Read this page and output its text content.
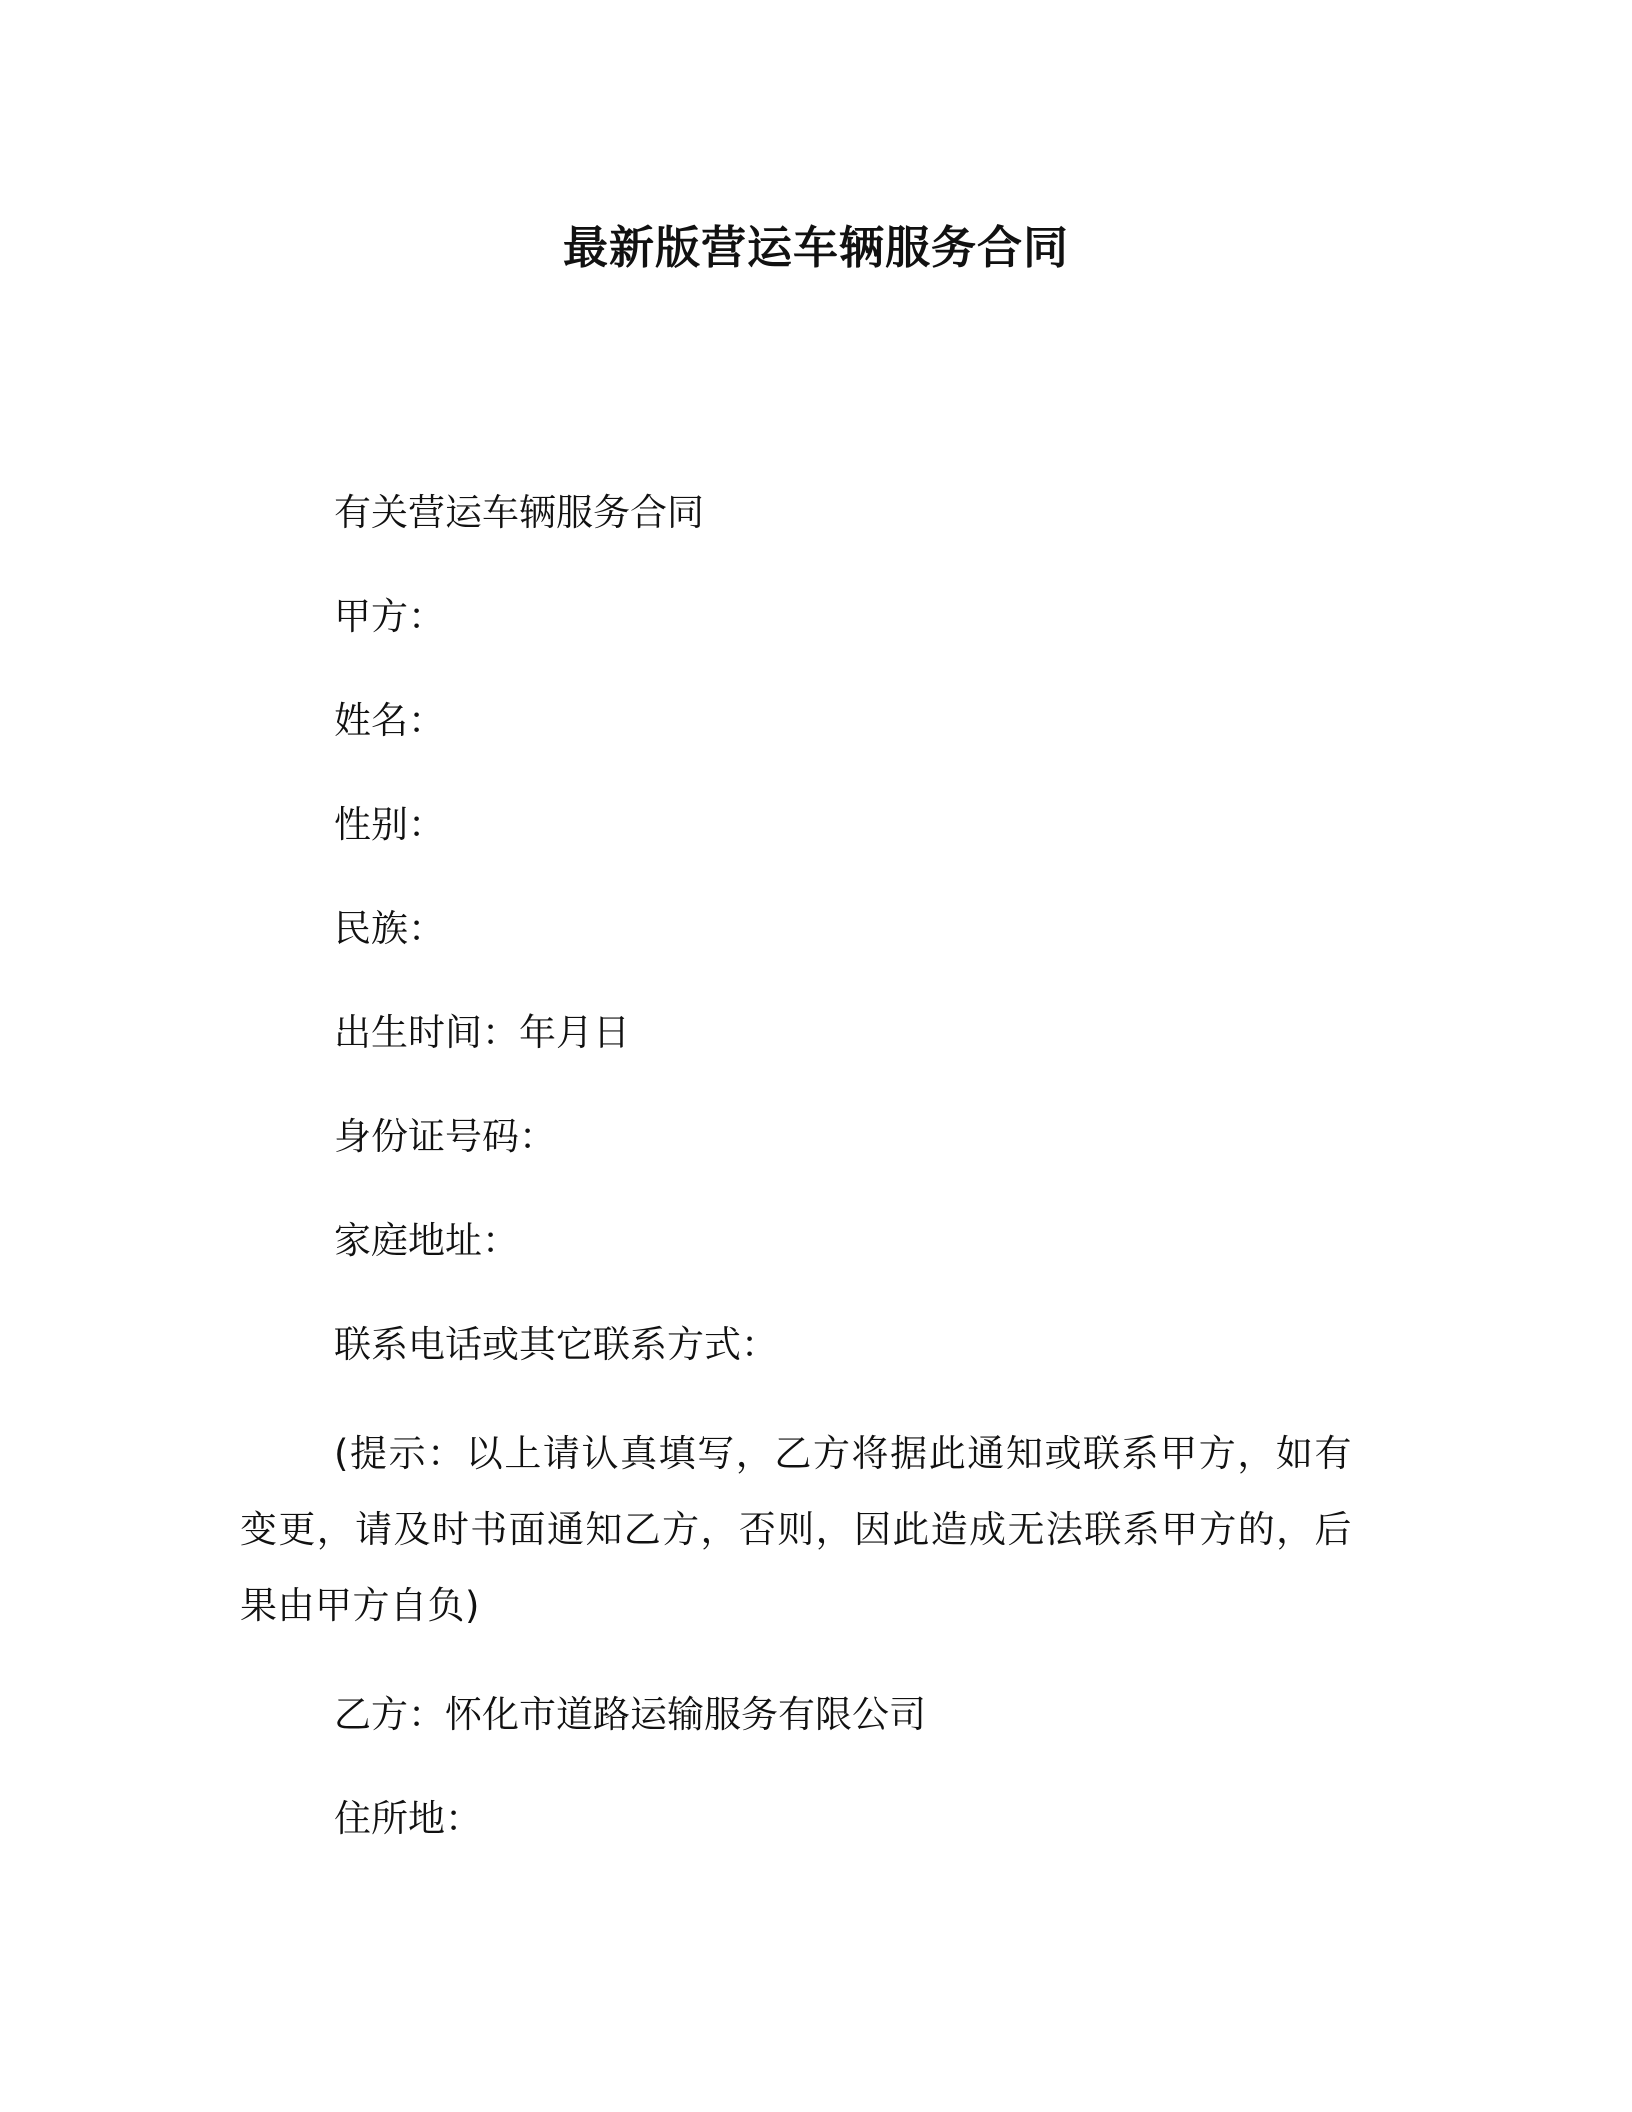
最新版营运车辆服务合同

有关营运车辆服务合同

甲方：

姓名：

性别：

民族：

出生时间：年月日

身份证号码：

家庭地址：

联系电话或其它联系方式：

(提示：以上请认真填写，乙方将据此通知或联系甲方，如有变更，请及时书面通知乙方，否则，因此造成无法联系甲方的，后果由甲方自负)

乙方：怀化市道路运输服务有限公司

住所地：
